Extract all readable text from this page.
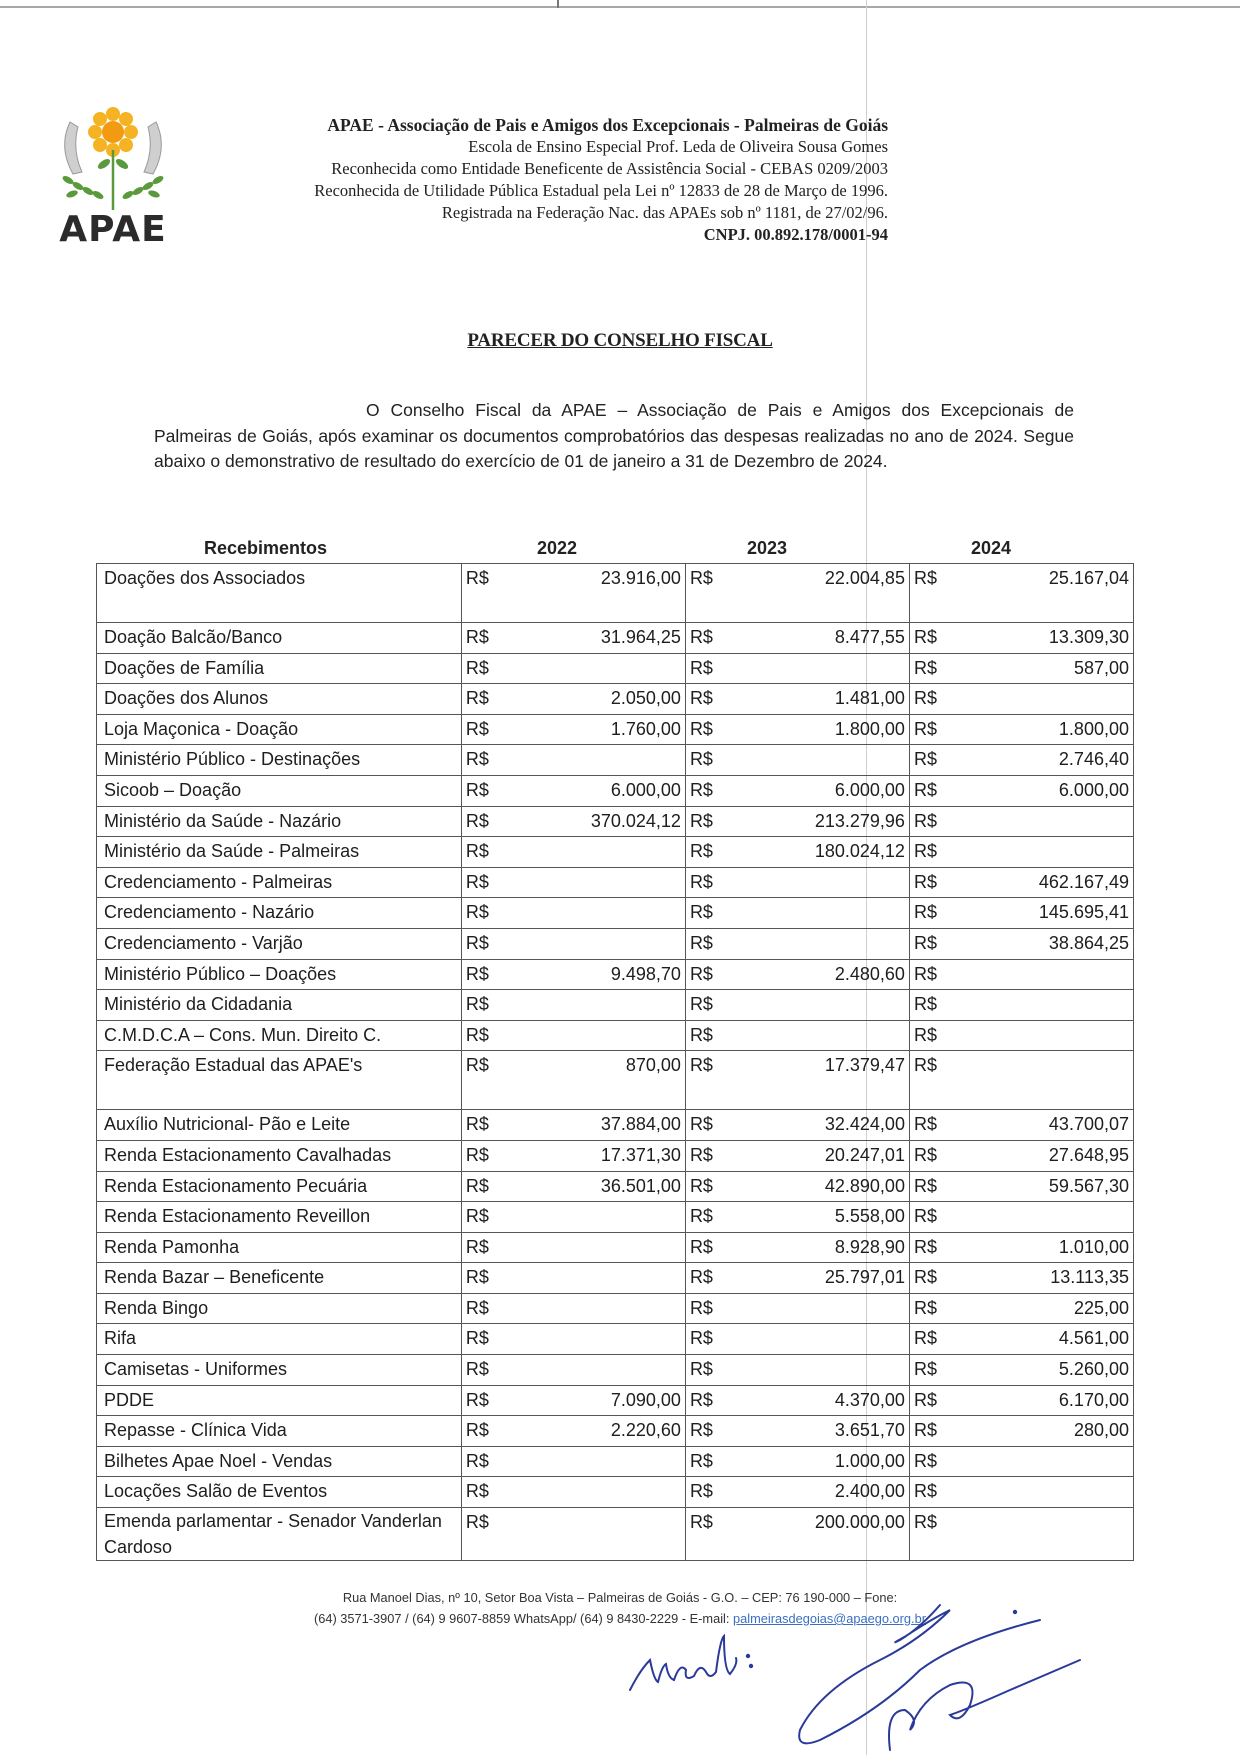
APAE
APAE - Associação de Pais e Amigos dos Excepcionais - Palmeiras de Goiás
Escola de Ensino Especial Prof. Leda de Oliveira Sousa Gomes
Reconhecida como Entidade Beneficente de Assistência Social - CEBAS 0209/2003
Reconhecida de Utilidade Pública Estadual pela Lei nº 12833 de 28 de Março de 1996.
Registrada na Federação Nac. das APAEs sob nº 1181, de 27/02/96.
CNPJ. 00.892.178/0001-94
PARECER DO CONSELHO FISCAL
O Conselho Fiscal da APAE – Associação de Pais e Amigos dos Excepcionais de Palmeiras de Goiás, após examinar os documentos comprobatórios das despesas realizadas no ano de 2024. Segue abaixo o demonstrativo de resultado do exercício de 01 de janeiro a 31 de Dezembro de 2024.
Recebimentos	2022	2023	2024
Doações dos Associados	R$ 23.916,00	R$ 22.004,85	R$ 25.167,04

Doação Balcão/Banco	R$ 31.964,25	R$ 8.477,55	R$ 13.309,30

Doações de Família	R$	R$	R$ 587,00

Doações dos Alunos	R$ 2.050,00	R$ 1.481,00	R$

Loja Maçonica - Doação	R$ 1.760,00	R$ 1.800,00	R$ 1.800,00

Ministério Público - Destinações	R$	R$	R$ 2.746,40

Sicoob – Doação	R$ 6.000,00	R$ 6.000,00	R$ 6.000,00

Ministério da Saúde - Nazário	R$ 370.024,12	R$ 213.279,96	R$

Ministério da Saúde - Palmeiras	R$	R$ 180.024,12	R$

Credenciamento - Palmeiras	R$	R$	R$ 462.167,49

Credenciamento - Nazário	R$	R$	R$ 145.695,41

Credenciamento - Varjão	R$	R$	R$ 38.864,25

Ministério Público – Doações	R$ 9.498,70	R$ 2.480,60	R$

Ministério da Cidadania	R$	R$	R$

C.M.D.C.A – Cons. Mun. Direito C.	R$	R$	R$

Federação Estadual das APAE's	R$ 870,00	R$ 17.379,47	R$

Auxílio Nutricional- Pão e Leite	R$ 37.884,00	R$ 32.424,00	R$ 43.700,07

Renda Estacionamento Cavalhadas	R$ 17.371,30	R$ 20.247,01	R$ 27.648,95

Renda Estacionamento Pecuária	R$ 36.501,00	R$ 42.890,00	R$ 59.567,30

Renda Estacionamento Reveillon	R$	R$ 5.558,00	R$

Renda Pamonha	R$	R$ 8.928,90	R$ 1.010,00

Renda Bazar – Beneficente	R$	R$ 25.797,01	R$ 13.113,35

Renda Bingo	R$	R$	R$ 225,00

Rifa	R$	R$	R$ 4.561,00

Camisetas - Uniformes	R$	R$	R$ 5.260,00

PDDE	R$ 7.090,00	R$ 4.370,00	R$ 6.170,00

Repasse - Clínica Vida	R$ 2.220,60	R$ 3.651,70	R$ 280,00

Bilhetes Apae Noel - Vendas	R$	R$ 1.000,00	R$

Locações Salão de Eventos	R$	R$ 2.400,00	R$

Emenda parlamentar - Senador Vanderlan Cardoso	R$	R$ 200.000,00	R$
Rua Manoel Dias, nº 10, Setor Boa Vista – Palmeiras de Goiás - G.O. – CEP: 76 190-000 – Fone:
(64) 3571-3907 / (64) 9 9607-8859 WhatsApp/ (64) 9 8430-2229 - E-mail: palmeirasdegoias@apaego.org.br
